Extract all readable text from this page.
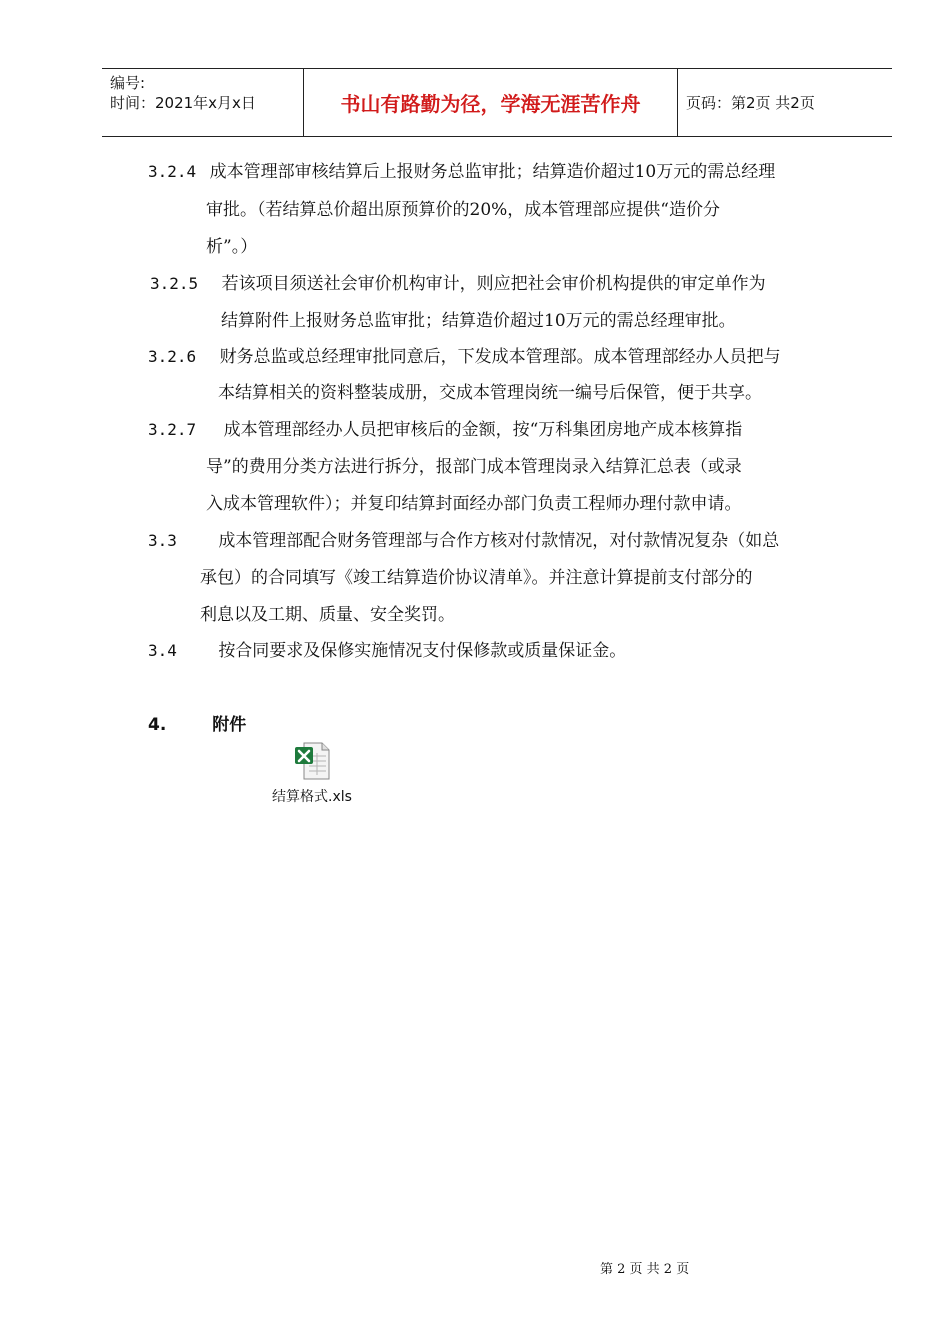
编号:
时间：2021年x月x日	书山有路勤为径，学海无涯苦作舟	页码：第2页 共2页
3.2.4 成本管理部审核结算后上报财务总监审批；结算造价超过10万元的需总经理
审批。（若结算总价超出原预算价的20%，成本管理部应提供“造价分
析”。）
3.2.5 若该项目须送社会审价机构审计，则应把社会审价机构提供的审定单作为
结算附件上报财务总监审批；结算造价超过10万元的需总经理审批。
3.2.6 财务总监或总经理审批同意后，下发成本管理部。成本管理部经办人员把与
本结算相关的资料整装成册，交成本管理岗统一编号后保管，便于共享。
3.2.7 成本管理部经办人员把审核后的金额，按“万科集团房地产成本核算指
导”的费用分类方法进行拆分，报部门成本管理岗录入结算汇总表（或录
入成本管理软件）；并复印结算封面经办部门负责工程师办理付款申请。
3.3 成本管理部配合财务管理部与合作方核对付款情况，对付款情况复杂（如总
承包）的合同填写《竣工结算造价协议清单》。并注意计算提前支付部分的
利息以及工期、质量、安全奖罚。
3.4 按合同要求及保修实施情况支付保修款或质量保证金。
4.	附件
结算格式.xls
第 2 页 共 2 页
